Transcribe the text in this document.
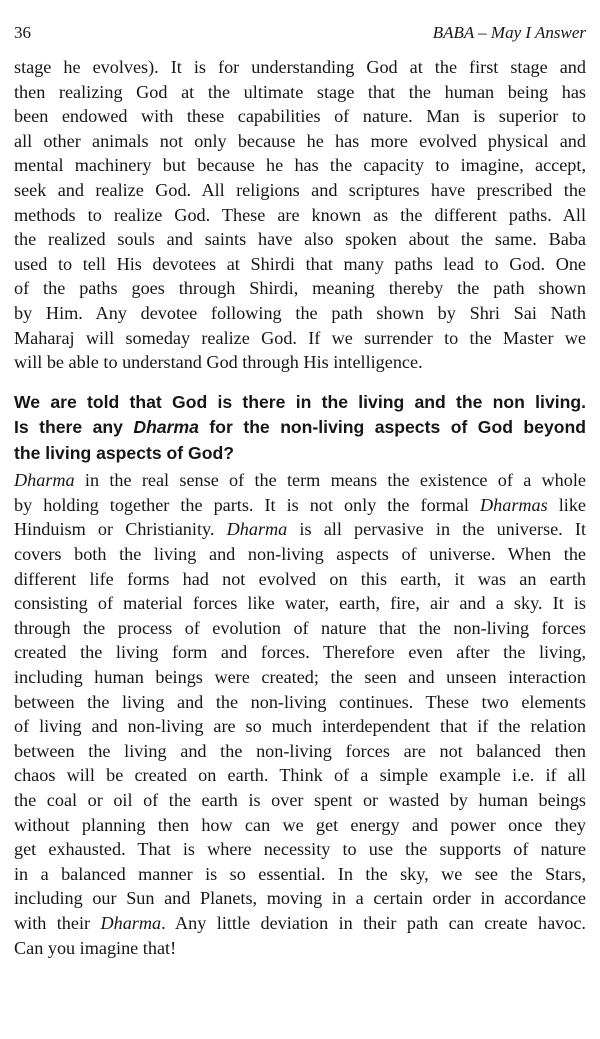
36	BABA – May I Answer

stage he evolves). It is for understanding God at the first stage and
then realizing God at the ultimate stage that the human being has
been endowed with these capabilities of nature. Man is superior to
all other animals not only because he has more evolved physical and
mental machinery but because he has the capacity to imagine, accept,
seek and realize God. All religions and scriptures have prescribed the
methods to realize God. These are known as the different paths. All
the realized souls and saints have also spoken about the same. Baba
used to tell His devotees at Shirdi that many paths lead to God. One
of the paths goes through Shirdi, meaning thereby the path shown
by Him. Any devotee following the path shown by Shri Sai Nath
Maharaj will someday realize God. If we surrender to the Master we
will be able to understand God through His intelligence.

We are told that God is there in the living and the non living.
Is there any Dharma for the non-living aspects of God beyond
the living aspects of God?

Dharma in the real sense of the term means the existence of a whole
by holding together the parts. It is not only the formal Dharmas like
Hinduism or Christianity. Dharma is all pervasive in the universe. It
covers both the living and non-living aspects of universe. When the
different life forms had not evolved on this earth, it was an earth
consisting of material forces like water, earth, fire, air and a sky. It is
through the process of evolution of nature that the non-living forces
created the living form and forces. Therefore even after the living,
including human beings were created; the seen and unseen interaction
between the living and the non-living continues. These two elements
of living and non-living are so much interdependent that if the relation
between the living and the non-living forces are not balanced then
chaos will be created on earth. Think of a simple example i.e. if all
the coal or oil of the earth is over spent or wasted by human beings
without planning then how can we get energy and power once they
get exhausted. That is where necessity to use the supports of nature
in a balanced manner is so essential. In the sky, we see the Stars,
including our Sun and Planets, moving in a certain order in accordance
with their Dharma. Any little deviation in their path can create havoc.
Can you imagine that!
